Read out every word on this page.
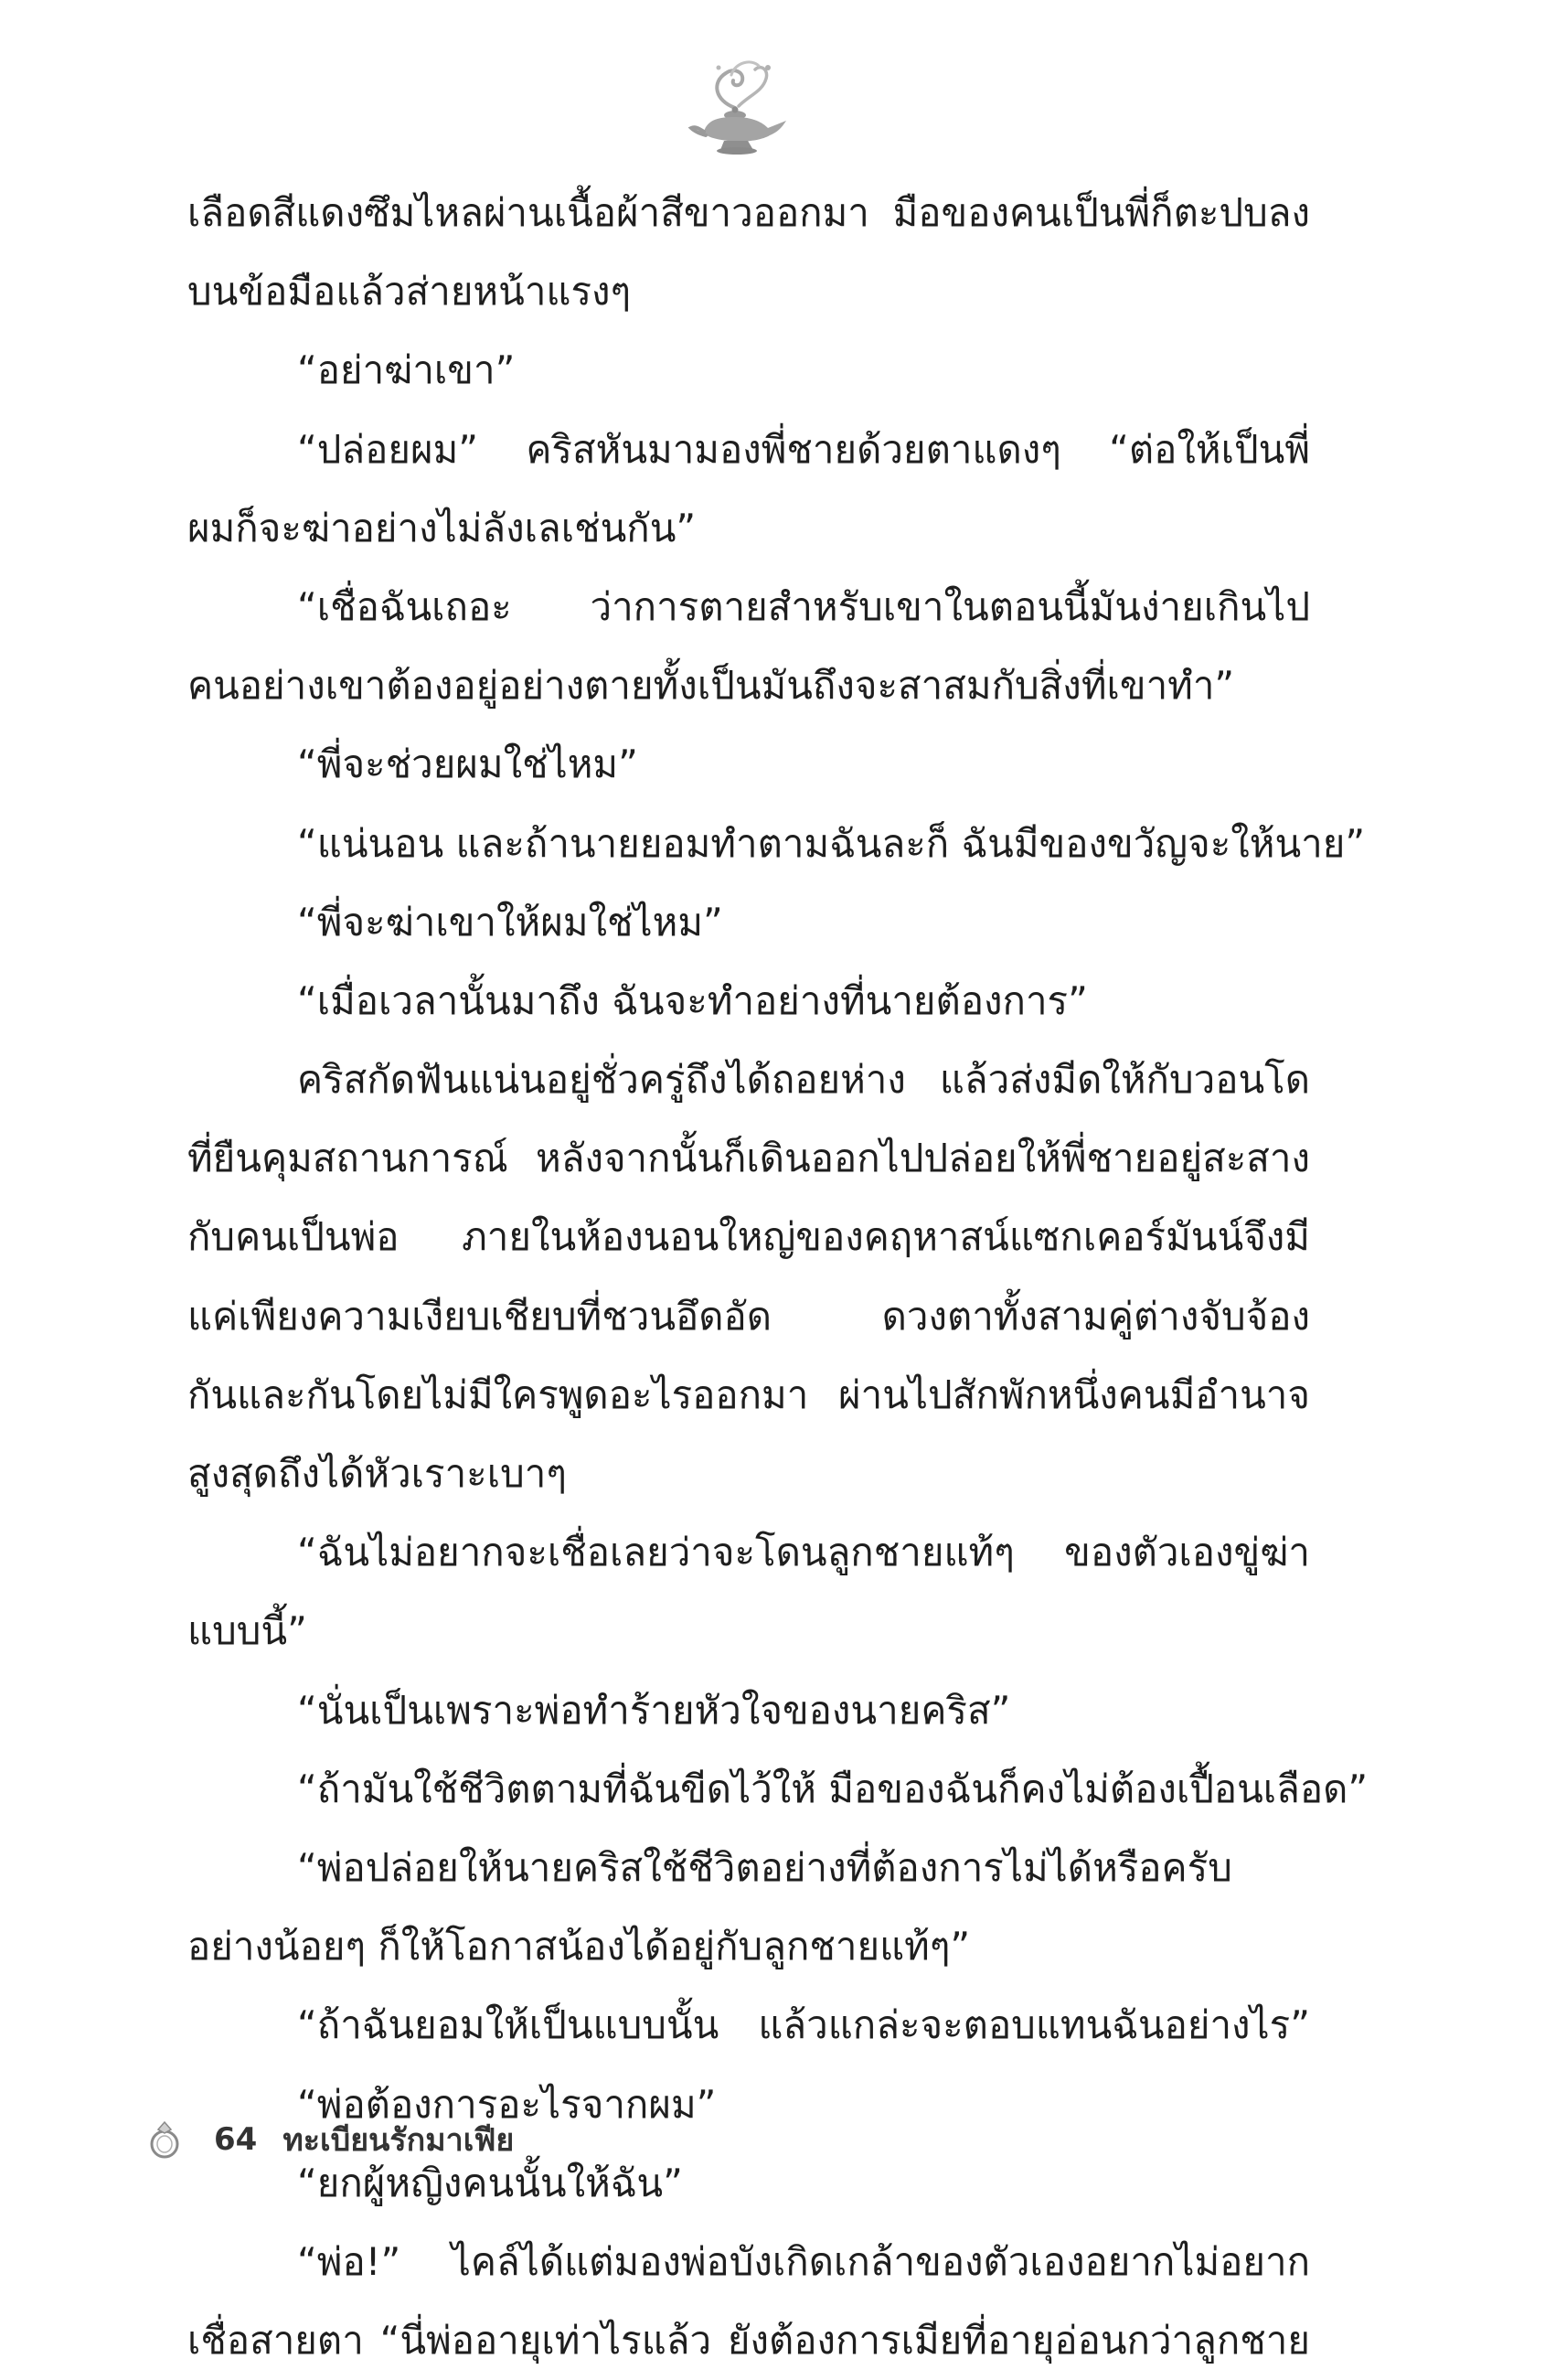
เลือดสีแดงซึมไหลผ่านเนื้อผ้าสีขาวออกมา มือของคนเป็นพี่ก็ตะปบลง
บนข้อมือแล้วส่ายหน้าแรงๆ
“อย่าฆ่าเขา”
“ปล่อยผม” คริสหันมามองพี่ชายด้วยตาแดงๆ “ต่อให้เป็นพี่
ผมก็จะฆ่าอย่างไม่ลังเลเช่นกัน”
“เชื่อฉันเถอะ ว่าการตายสำหรับเขาในตอนนี้มันง่ายเกินไป
คนอย่างเขาต้องอยู่อย่างตายทั้งเป็นมันถึงจะสาสมกับสิ่งที่เขาทำ”
“พี่จะช่วยผมใช่ไหม”
“แน่นอน และถ้านายยอมทำตามฉันละก็ ฉันมีของขวัญจะให้นาย”
“พี่จะฆ่าเขาให้ผมใช่ไหม”
“เมื่อเวลานั้นมาถึง ฉันจะทำอย่างที่นายต้องการ”
คริสกัดฟันแน่นอยู่ชั่วครู่ถึงได้ถอยห่าง แล้วส่งมีดให้กับวอนโด
ที่ยืนคุมสถานการณ์ หลังจากนั้นก็เดินออกไปปล่อยให้พี่ชายอยู่สะสาง
กับคนเป็นพ่อ ภายในห้องนอนใหญ่ของคฤหาสน์แซกเคอร์มันน์จึงมี
แค่เพียงความเงียบเชียบที่ชวนอึดอัด ดวงตาทั้งสามคู่ต่างจับจ้อง
กันและกันโดยไม่มีใครพูดอะไรออกมา ผ่านไปสักพักหนึ่งคนมีอำนาจ
สูงสุดถึงได้หัวเราะเบาๆ
“ฉันไม่อยากจะเชื่อเลยว่าจะโดนลูกชายแท้ๆ ของตัวเองขู่ฆ่า
แบบนี้”
“นั่นเป็นเพราะพ่อทำร้ายหัวใจของนายคริส”
“ถ้ามันใช้ชีวิตตามที่ฉันขีดไว้ให้ มือของฉันก็คงไม่ต้องเปื้อนเลือด”
“พ่อปล่อยให้นายคริสใช้ชีวิตอย่างที่ต้องการไม่ได้หรือครับ
อย่างน้อยๆ ก็ให้โอกาสน้องได้อยู่กับลูกชายแท้ๆ”
“ถ้าฉันยอมให้เป็นแบบนั้น แล้วแกล่ะจะตอบแทนฉันอย่างไร”
“พ่อต้องการอะไรจากผม”
“ยกผู้หญิงคนนั้นให้ฉัน”
“พ่อ!” ไคล์ได้แต่มองพ่อบังเกิดเกล้าของตัวเองอยากไม่อยาก
เชื่อสายตา “นี่พ่ออายุเท่าไรแล้ว ยังต้องการเมียที่อายุอ่อนกว่าลูกชาย
64 ทะเบียนรักมาเฟีย
